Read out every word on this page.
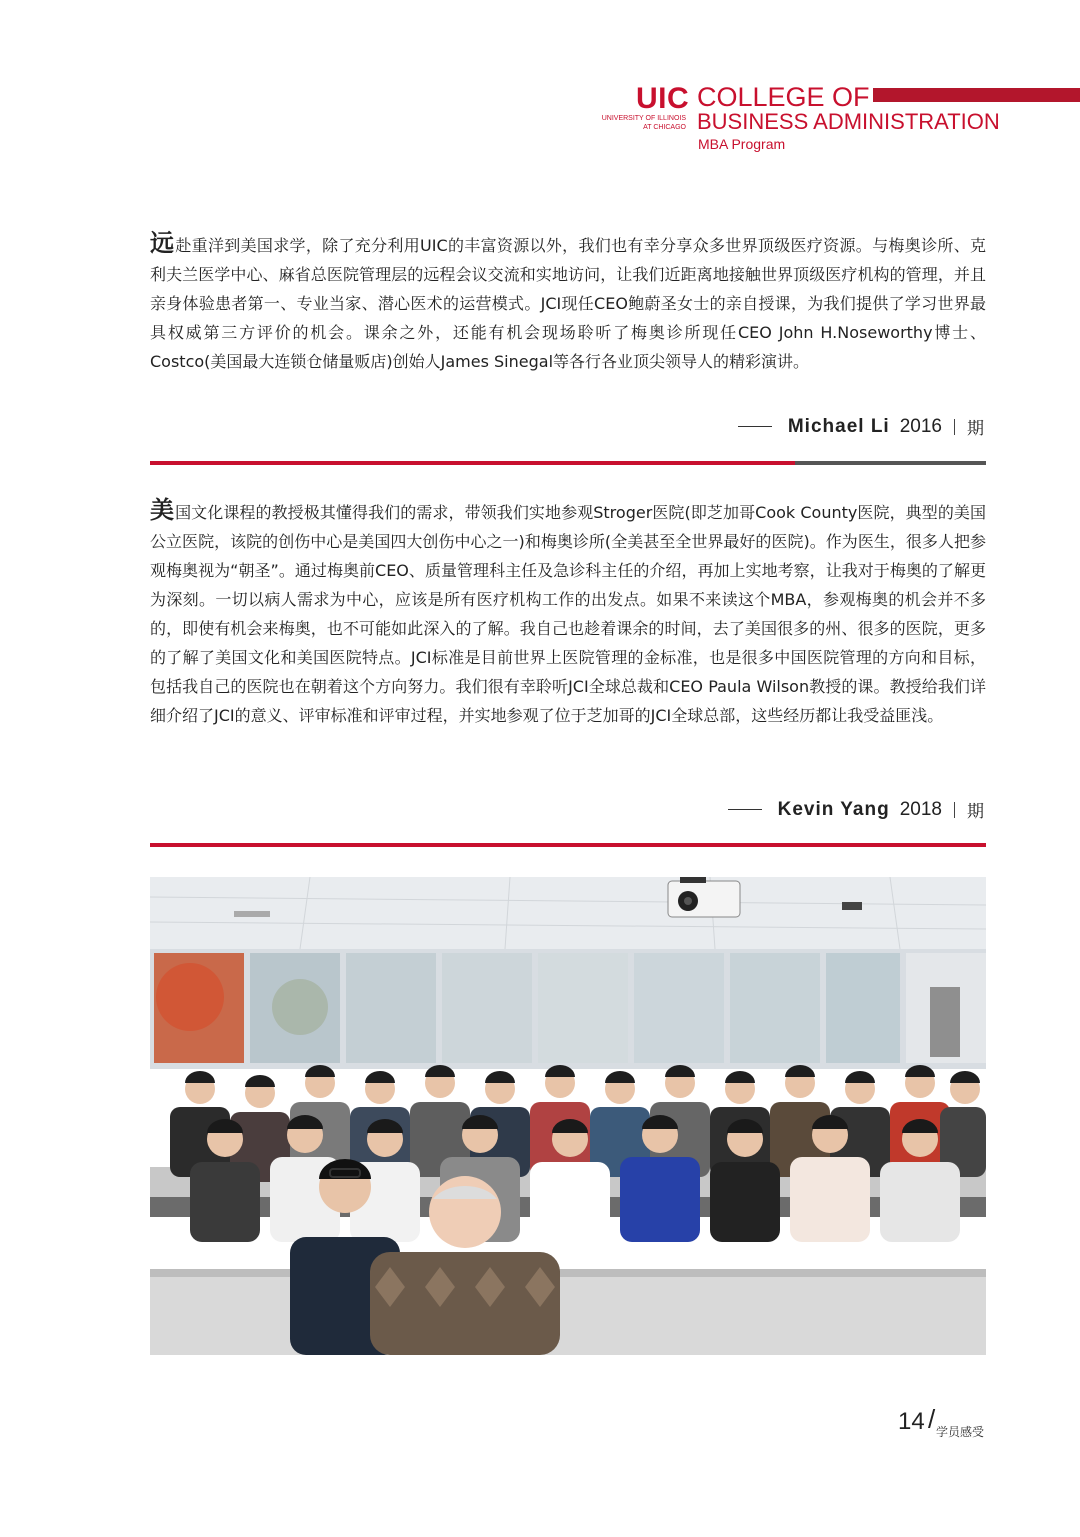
UIC
UNIVERSITY OF ILLINOIS
AT CHICAGO
COLLEGE OF
BUSINESS ADMINISTRATION
MBA Program

远赴重洋到美国求学，除了充分利用UIC的丰富资源以外，我们也有幸分享众多世界顶级医疗资源。与梅奥诊所、克利夫兰医学中心、麻省总医院管理层的远程会议交流和实地访问，让我们近距离地接触世界顶级医疗机构的管理，并且亲身体验患者第一、专业当家、潜心医术的运营模式。JCI现任CEO鲍蔚圣女士的亲自授课，为我们提供了学习世界最具权威第三方评价的机会。课余之外，还能有机会现场聆听了梅奥诊所现任CEO John H.Noseworthy博士、Costco(美国最大连锁仓储量贩店)创始人James Sinegal等各行各业顶尖领导人的精彩演讲。

Michael Li 2016 期

美国文化课程的教授极其懂得我们的需求，带领我们实地参观Stroger医院(即芝加哥Cook County医院，典型的美国公立医院，该院的创伤中心是美国四大创伤中心之一)和梅奥诊所(全美甚至全世界最好的医院)。作为医生，很多人把参观梅奥视为“朝圣”。通过梅奥前CEO、质量管理科主任及急诊科主任的介绍，再加上实地考察，让我对于梅奥的了解更为深刻。一切以病人需求为中心，应该是所有医疗机构工作的出发点。如果不来读这个MBA，参观梅奥的机会并不多的，即使有机会来梅奥，也不可能如此深入的了解。我自己也趁着课余的时间，去了美国很多的州、很多的医院，更多的了解了美国文化和美国医院特点。JCI标准是目前世界上医院管理的金标准，也是很多中国医院管理的方向和目标，包括我自己的医院也在朝着这个方向努力。我们很有幸聆听JCI全球总裁和CEO Paula Wilson教授的课。教授给我们详细介绍了JCI的意义、评审标准和评审过程，并实地参观了位于芝加哥的JCI全球总部，这些经历都让我受益匪浅。

Kevin Yang 2018 期
14 / 学员感受
